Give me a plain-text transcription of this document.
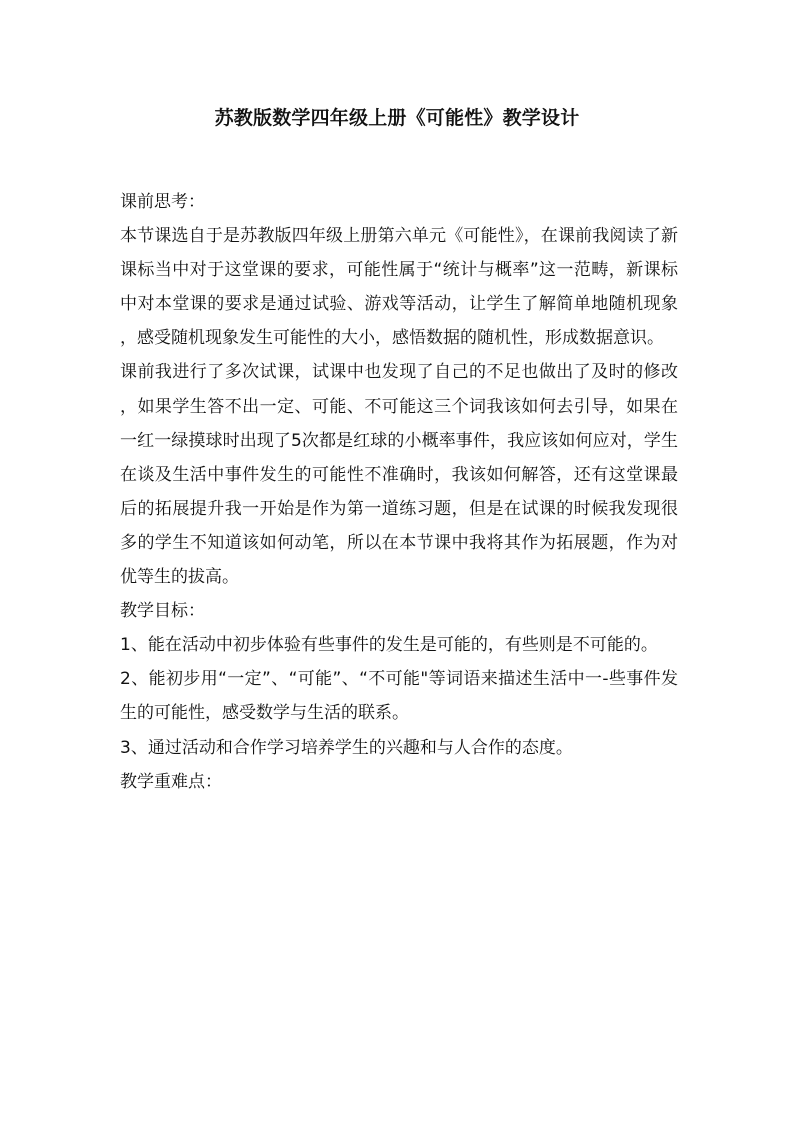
苏教版数学四年级上册《可能性》教学设计

课前思考：

本节课选自于是苏教版四年级上册第六单元《可能性》，在课前我阅读了新课标当中对于这堂课的要求，可能性属于“统计与概率”这一范畴，新课标中对本堂课的要求是通过试验、游戏等活动，让学生了解简单地随机现象，感受随机现象发生可能性的大小，感悟数据的随机性，形成数据意识。

课前我进行了多次试课，试课中也发现了自己的不足也做出了及时的修改，如果学生答不出一定、可能、不可能这三个词我该如何去引导，如果在一红一绿摸球时出现了5次都是红球的小概率事件，我应该如何应对，学生在谈及生活中事件发生的可能性不准确时，我该如何解答，还有这堂课最后的拓展提升我一开始是作为第一道练习题，但是在试课的时候我发现很多的学生不知道该如何动笔，所以在本节课中我将其作为拓展题，作为对优等生的拔高。

教学目标：

1、能在活动中初步体验有些事件的发生是可能的，有些则是不可能的。

2、能初步用“一定”、“可能”、“不可能"等词语来描述生活中一-些事件发生的可能性，感受数学与生活的联系。

3、通过活动和合作学习培养学生的兴趣和与人合作的态度。

教学重难点：
